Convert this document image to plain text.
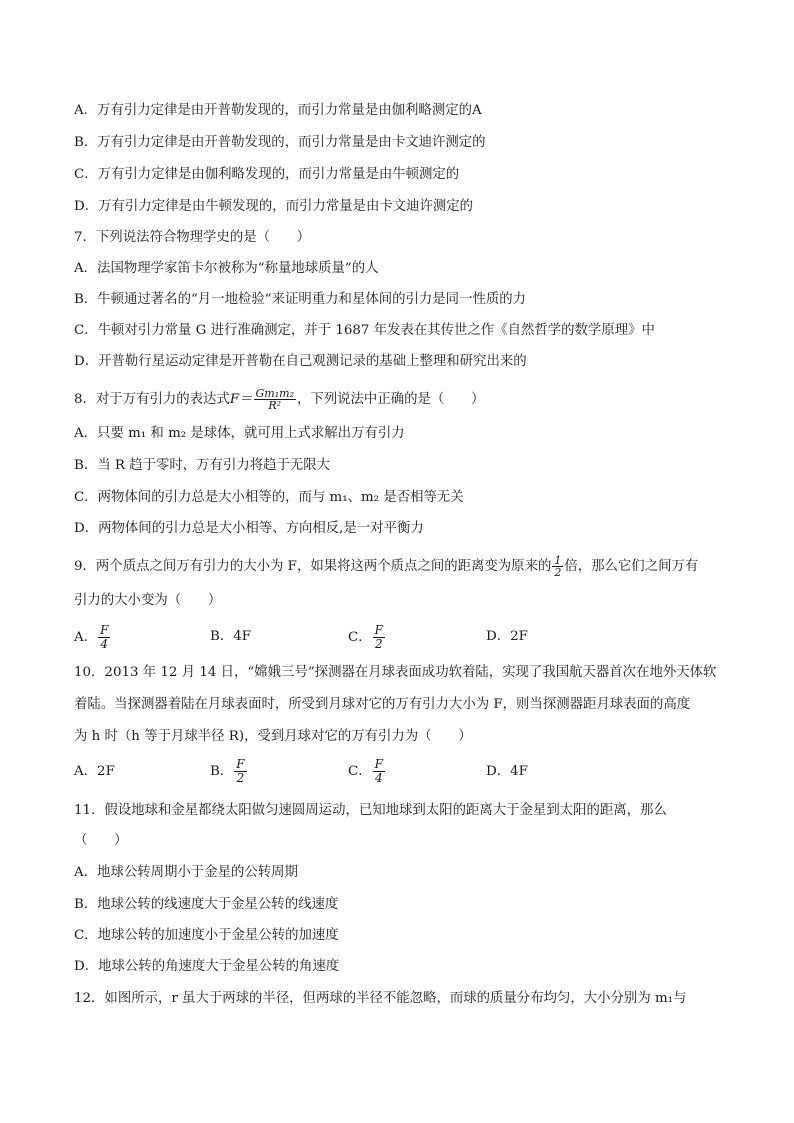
A．万有引力定律是由开普勒发现的，而引力常量是由伽利略测定的A
B．万有引力定律是由开普勒发现的，而引力常量是由卡文迪许测定的
C．万有引力定律是由伽利略发现的，而引力常量是由牛顿测定的
D．万有引力定律是由牛顿发现的，而引力常量是由卡文迪许测定的
7．下列说法符合物理学史的是（　　）
A．法国物理学家笛卡尔被称为“称量地球质量”的人
B．牛顿通过著名的“月一地检验”来证明重力和星体间的引力是同一性质的力
C．牛顿对引力常量 G 进行准确测定，并于 1687 年发表在其传世之作《自然哲学的数学原理》中
D．开普勒行星运动定律是开普勒在自己观测记录的基础上整理和研究出来的
8．对于万有引力的表达式$F= \frac{\text{Gm₁m₂}}{\text{R²}}$ ，下列说法中正确的是（　　）
A．只要 m₁ 和 m₂ 是球体，就可用上式求解出万有引力
B．当 R 趋于零时，万有引力将趋于无限大
C．两物体间的引力总是大小相等的，而与 m₁、m₂ 是否相等无关
D．两物体间的引力总是大小相等、方向相反,是一对平衡力
9．两个质点之间万有引力的大小为 F，如果将这两个质点之间的距离变为原来的 $\frac{1}{2}$ 倍，那么它们之间万有
引力的大小变为（　　）
A． $\frac{F}{4}$	B．4F	C． $\frac{F}{2}$	D．2F
10．2013 年 12 月 14 日，“嫦娥三号”探测器在月球表面成功软着陆，实现了我国航天器首次在地外天体软
着陆。当探测器着陆在月球表面时，所受到月球对它的万有引力大小为 F，则当探测器距月球表面的高度
为 h 时（h 等于月球半径 R)，受到月球对它的万有引力为（　　）
A．2F	B． $\frac{F}{2}$	C． $\frac{F}{4}$	D．4F
11．假设地球和金星都绕太阳做匀速圆周运动，已知地球到太阳的距离大于金星到太阳的距离，那么
（　　）
A．地球公转周期小于金星的公转周期
B．地球公转的线速度大于金星公转的线速度
C．地球公转的加速度小于金星公转的加速度
D．地球公转的角速度大于金星公转的角速度
12．如图所示，r 虽大于两球的半径，但两球的半径不能忽略，而球的质量分布均匀，大小分别为 m₁与
